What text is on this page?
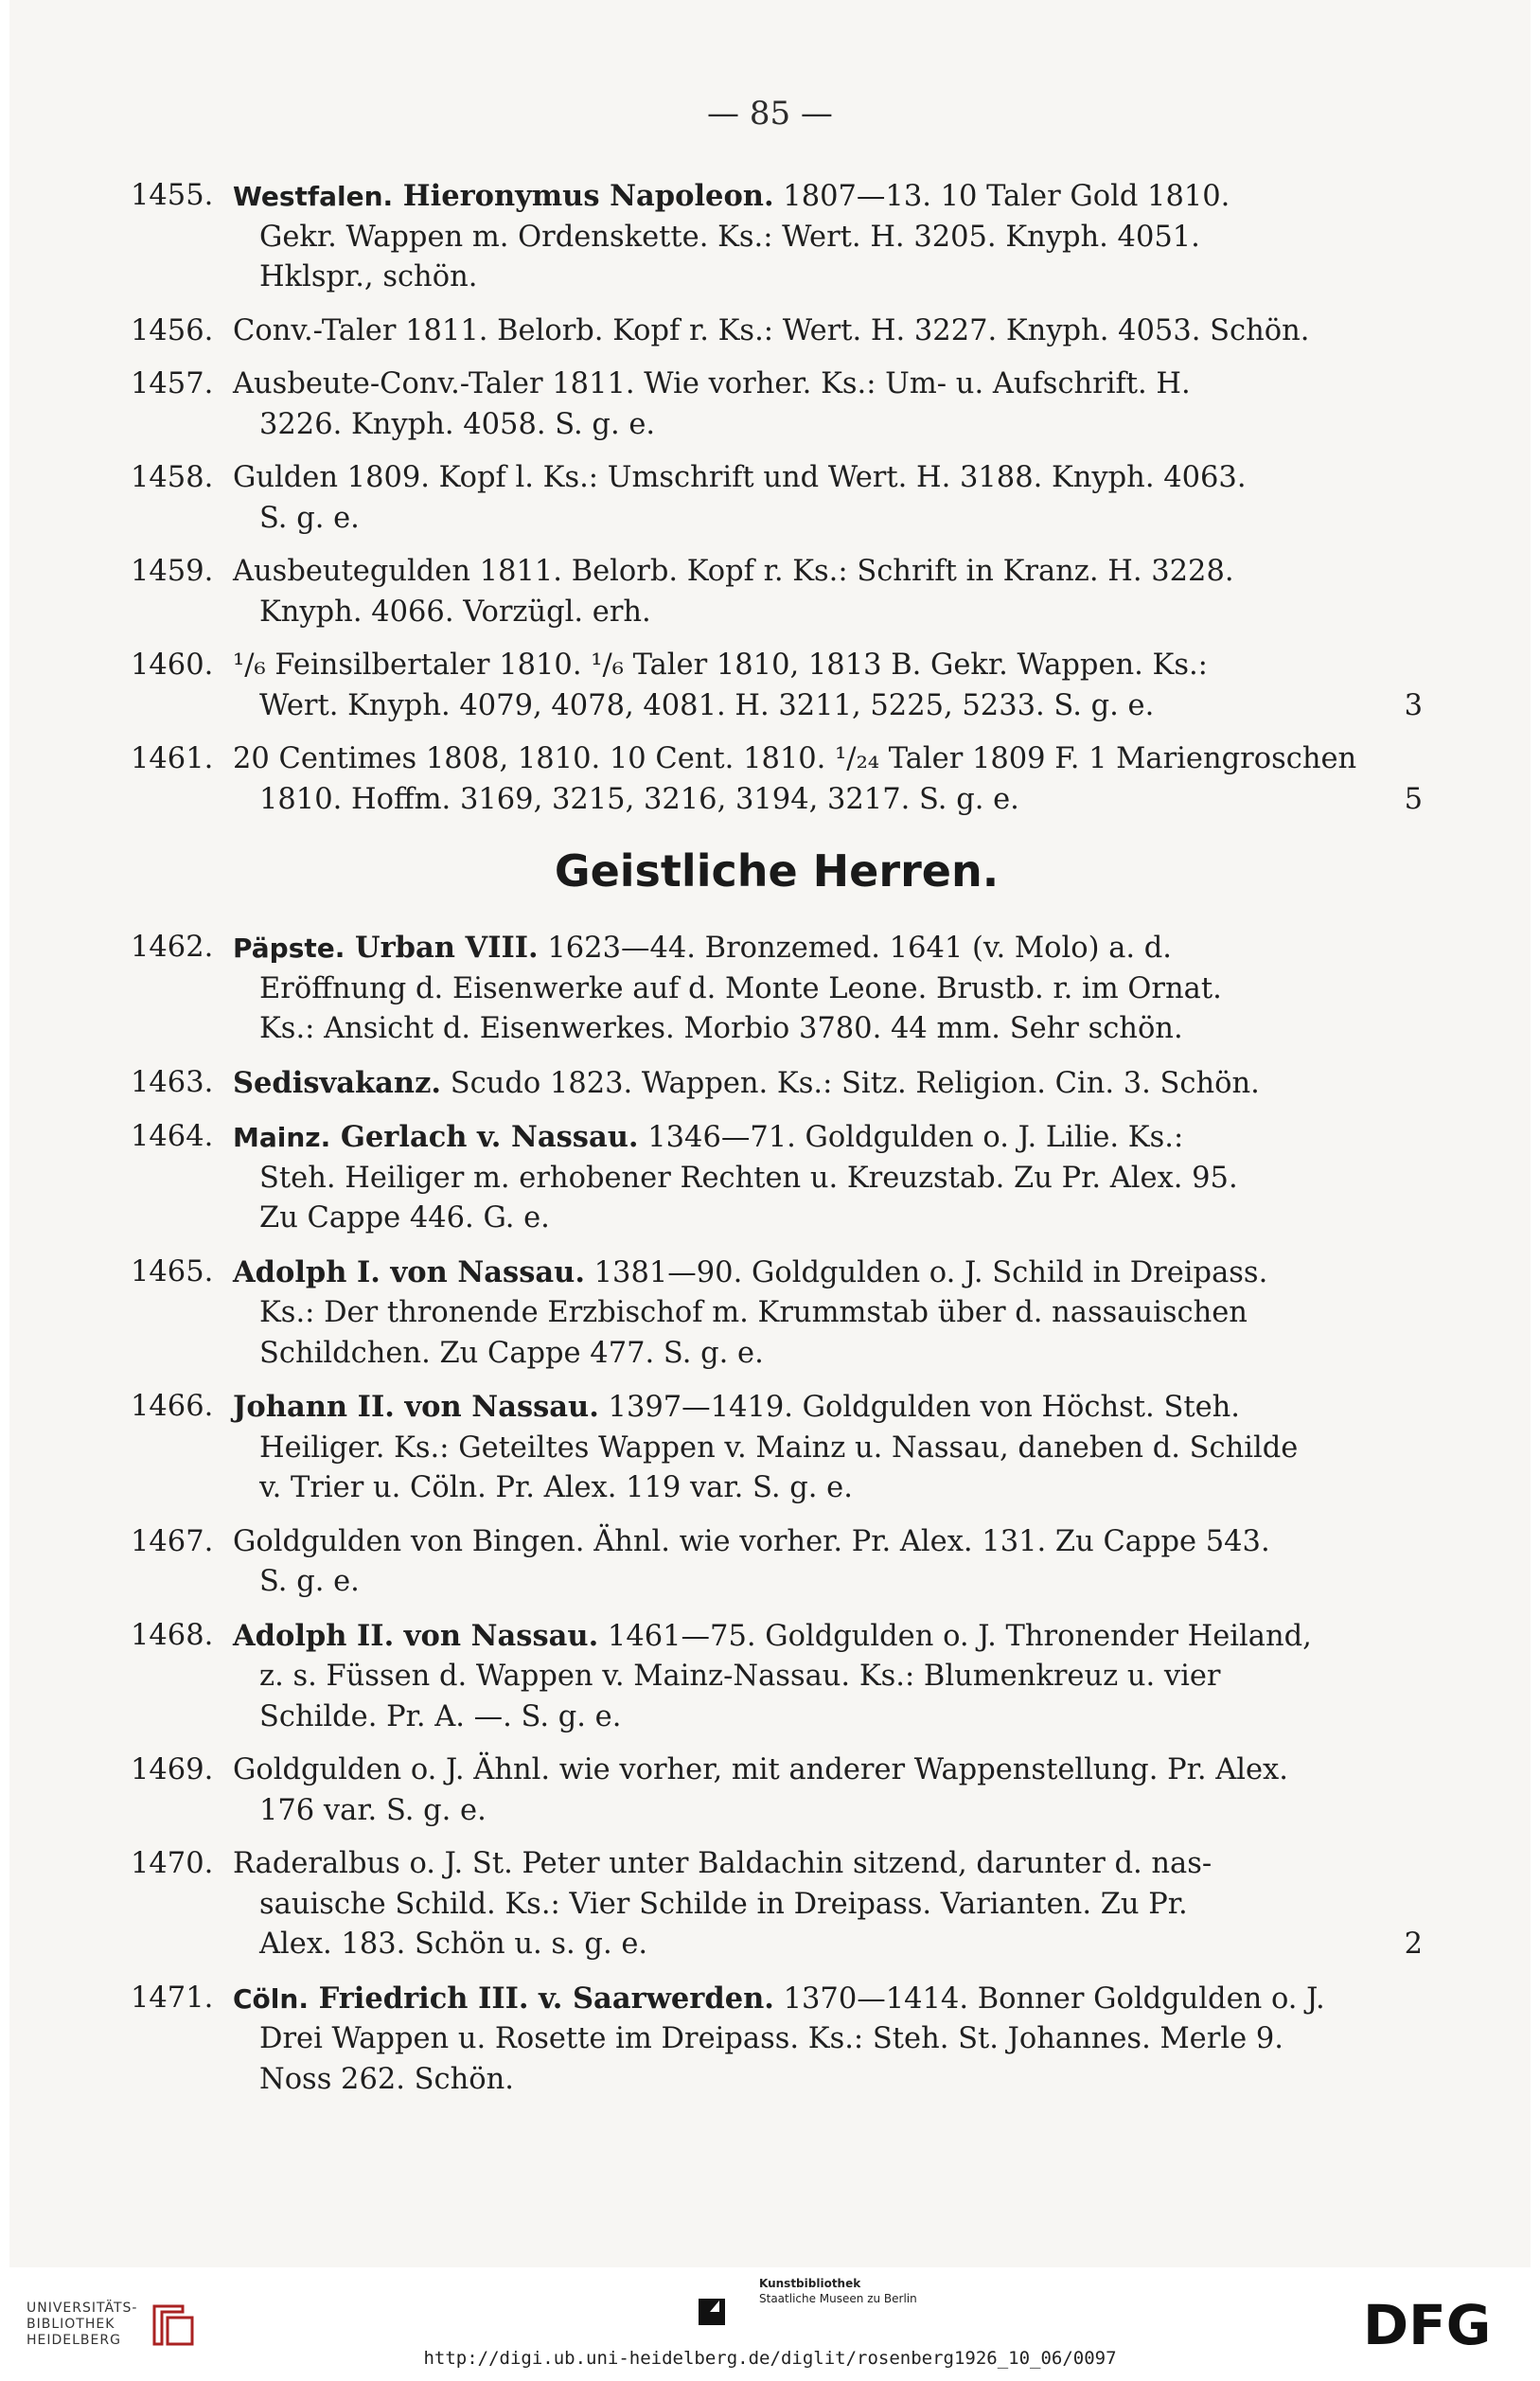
— 85 —
1455. Westfalen. Hieronymus Napoleon. 1807—13. 10 Taler Gold 1810.
Gekr. Wappen m. Ordenskette. Ks.: Wert. H. 3205. Knyph. 4051.
Hklspr., schön.
1456. Conv.-Taler 1811. Belorb. Kopf r. Ks.: Wert. H. 3227. Knyph. 4053. Schön.
1457. Ausbeute-Conv.-Taler 1811. Wie vorher. Ks.: Um- u. Aufschrift. H.
3226. Knyph. 4058. S. g. e.
1458. Gulden 1809. Kopf l. Ks.: Umschrift und Wert. H. 3188. Knyph. 4063.
S. g. e.
1459. Ausbeutegulden 1811. Belorb. Kopf r. Ks.: Schrift in Kranz. H. 3228.
Knyph. 4066. Vorzügl. erh.
1460. ¹/₆ Feinsilbertaler 1810. ¹/₆ Taler 1810, 1813 B. Gekr. Wappen. Ks.:
Wert. Knyph. 4079, 4078, 4081. H. 3211, 5225, 5233. S. g. e.	3
1461. 20 Centimes 1808, 1810. 10 Cent. 1810. ¹/₂₄ Taler 1809 F. 1 Mariengroschen
1810. Hoffm. 3169, 3215, 3216, 3194, 3217. S. g. e.	5
Geistliche Herren.
1462. Päpste. Urban VIII. 1623—44. Bronzemed. 1641 (v. Molo) a. d.
Eröffnung d. Eisenwerke auf d. Monte Leone. Brustb. r. im Ornat.
Ks.: Ansicht d. Eisenwerkes. Morbio 3780. 44 mm. Sehr schön.
1463. Sedisvakanz. Scudo 1823. Wappen. Ks.: Sitz. Religion. Cin. 3. Schön.
1464. Mainz. Gerlach v. Nassau. 1346—71. Goldgulden o. J. Lilie. Ks.:
Steh. Heiliger m. erhobener Rechten u. Kreuzstab. Zu Pr. Alex. 95.
Zu Cappe 446. G. e.
1465. Adolph I. von Nassau. 1381—90. Goldgulden o. J. Schild in Dreipass.
Ks.: Der thronende Erzbischof m. Krummstab über d. nassauischen
Schildchen. Zu Cappe 477. S. g. e.
1466. Johann II. von Nassau. 1397—1419. Goldgulden von Höchst. Steh.
Heiliger. Ks.: Geteiltes Wappen v. Mainz u. Nassau, daneben d. Schilde
v. Trier u. Cöln. Pr. Alex. 119 var. S. g. e.
1467. Goldgulden von Bingen. Ähnl. wie vorher. Pr. Alex. 131. Zu Cappe 543.
S. g. e.
1468. Adolph II. von Nassau. 1461—75. Goldgulden o. J. Thronender Heiland,
z. s. Füssen d. Wappen v. Mainz-Nassau. Ks.: Blumenkreuz u. vier
Schilde. Pr. A. —. S. g. e.
1469. Goldgulden o. J. Ähnl. wie vorher, mit anderer Wappenstellung. Pr. Alex.
176 var. S. g. e.
1470. Raderalbus o. J. St. Peter unter Baldachin sitzend, darunter d. nas-
sauische Schild. Ks.: Vier Schilde in Dreipass. Varianten. Zu Pr.
Alex. 183. Schön u. s. g. e.	2
1471. Cöln. Friedrich III. v. Saarwerden. 1370—1414. Bonner Goldgulden o. J.
Drei Wappen u. Rosette im Dreipass. Ks.: Steh. St. Johannes. Merle 9.
Noss 262. Schön.
UNIVERSITÄTS-
BIBLIOTHEK
HEIDELBERG
Kunstbibliothek
Staatliche Museen zu Berlin	DFG
http://digi.ub.uni-heidelberg.de/diglit/rosenberg1926_10_06/0097
